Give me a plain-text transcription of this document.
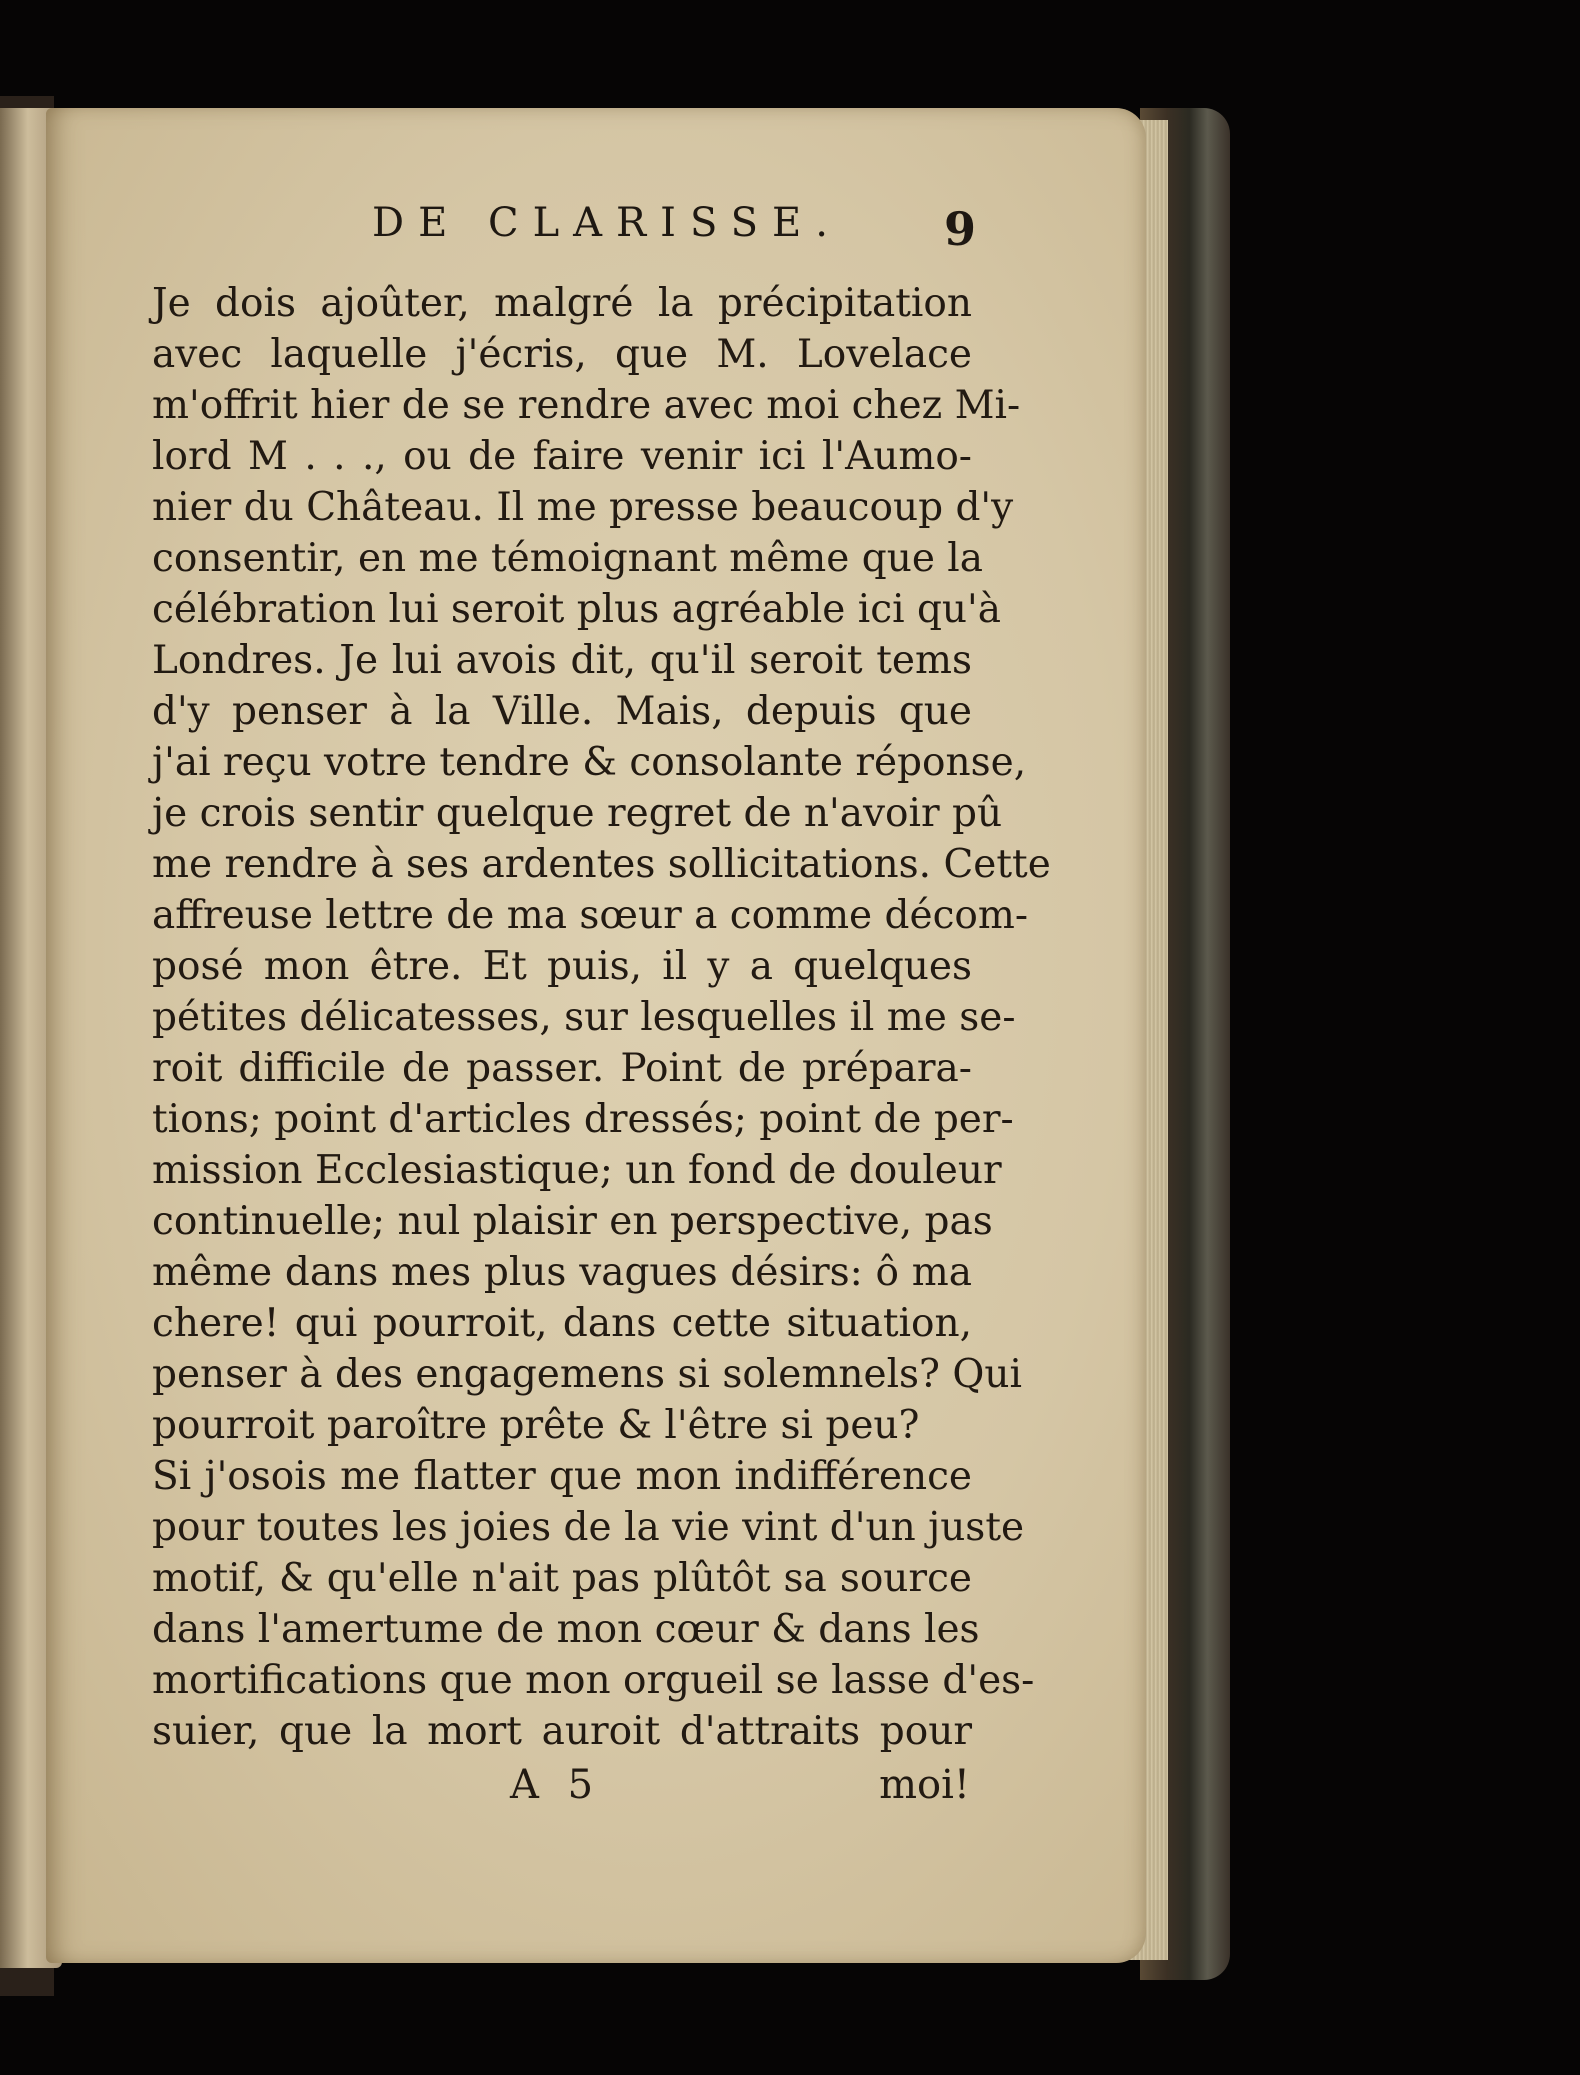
DE CLARISSE. 9
Je dois ajoûter, malgré la précipitation
avec laquelle j'écris, que M. Lovelace
m'offrit hier de se rendre avec moi chez Mi-
lord M . . ., ou de faire venir ici l'Aumo-
nier du Château. Il me presse beaucoup d'y
consentir, en me témoignant même que la
célébration lui seroit plus agréable ici qu'à
Londres. Je lui avois dit, qu'il seroit tems
d'y penser à la Ville. Mais, depuis que
j'ai reçu votre tendre & consolante réponse,
je crois sentir quelque regret de n'avoir pû
me rendre à ses ardentes sollicitations. Cette
affreuse lettre de ma sœur a comme décom-
posé mon être. Et puis, il y a quelques
pétites délicatesses, sur lesquelles il me se-
roit difficile de passer. Point de prépara-
tions; point d'articles dressés; point de per-
mission Ecclesiastique; un fond de douleur
continuelle; nul plaisir en perspective, pas
même dans mes plus vagues désirs: ô ma
chere! qui pourroit, dans cette situation,
penser à des engagemens si solemnels? Qui
pourroit paroître prête & l'être si peu?
Si j'osois me flatter que mon indifférence
pour toutes les joies de la vie vint d'un juste
motif, & qu'elle n'ait pas plûtôt sa source
dans l'amertume de mon cœur & dans les
mortifications que mon orgueil se lasse d'es-
suier, que la mort auroit d'attraits pour
A 5	moi!
